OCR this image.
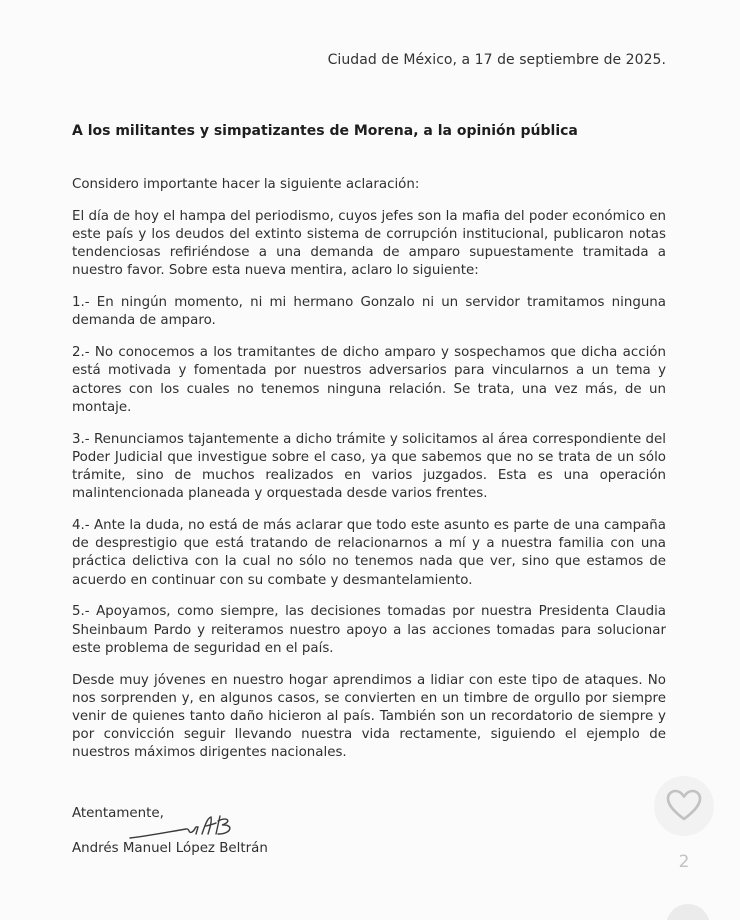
Ciudad de México, a 17 de septiembre de 2025.
A los militantes y simpatizantes de Morena, a la opinión pública

Considero importante hacer la siguiente aclaración:

El día de hoy el hampa del periodismo, cuyos jefes son la mafia del poder económico en este país y los deudos del extinto sistema de corrupción institucional, publicaron notas tendenciosas refiriéndose a una demanda de amparo supuestamente tramitada a nuestro favor. Sobre esta nueva mentira, aclaro lo siguiente:

1.- En ningún momento, ni mi hermano Gonzalo ni un servidor tramitamos ninguna demanda de amparo.

2.- No conocemos a los tramitantes de dicho amparo y sospechamos que dicha acción está motivada y fomentada por nuestros adversarios para vincularnos a un tema y actores con los cuales no tenemos ninguna relación. Se trata, una vez más, de un montaje.

3.- Renunciamos tajantemente a dicho trámite y solicitamos al área correspondiente del Poder Judicial que investigue sobre el caso, ya que sabemos que no se trata de un sólo trámite, sino de muchos realizados en varios juzgados. Esta es una operación malintencionada planeada y orquestada desde varios frentes.

4.- Ante la duda, no está de más aclarar que todo este asunto es parte de una campaña de desprestigio que está tratando de relacionarnos a mí y a nuestra familia con una práctica delictiva con la cual no sólo no tenemos nada que ver, sino que estamos de acuerdo en continuar con su combate y desmantelamiento.

5.- Apoyamos, como siempre, las decisiones tomadas por nuestra Presidenta Claudia Sheinbaum Pardo y reiteramos nuestro apoyo a las acciones tomadas para solucionar este problema de seguridad en el país.

Desde muy jóvenes en nuestro hogar aprendimos a lidiar con este tipo de ataques. No nos sorprenden y, en algunos casos, se convierten en un timbre de orgullo por siempre venir de quienes tanto daño hicieron al país. También son un recordatorio de siempre y por convicción seguir llevando nuestra vida rectamente, siguiendo el ejemplo de nuestros máximos dirigentes nacionales.

Atentamente,
Andrés Manuel López Beltrán
2
